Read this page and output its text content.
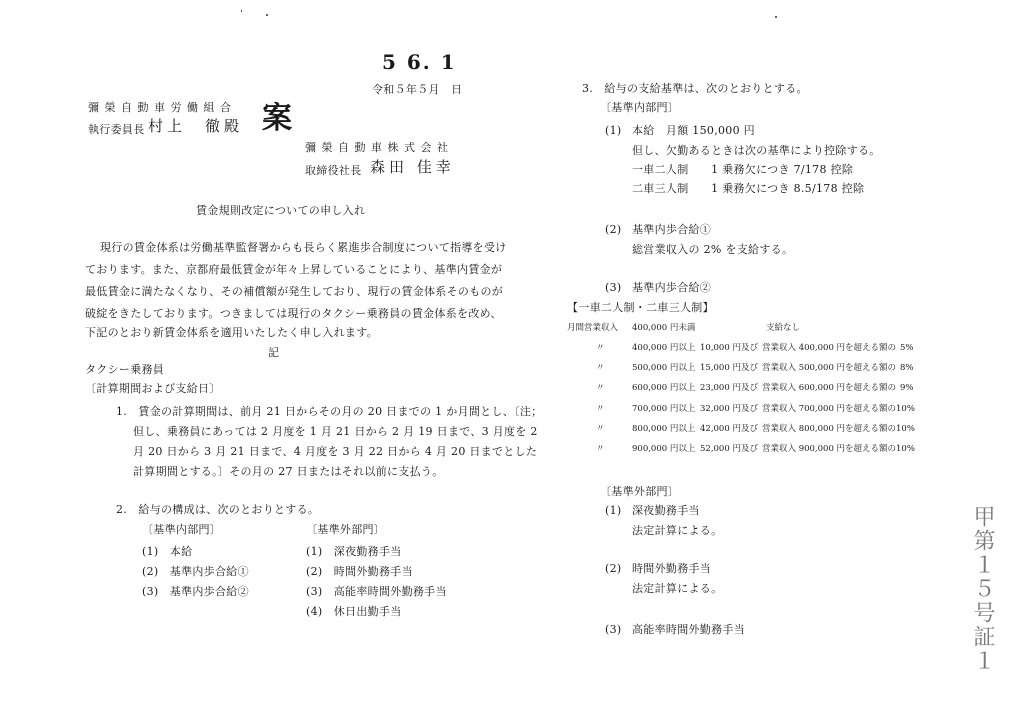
5 6. 1
令和５年５月　日
彌 榮 自 動 車 労 働 組 合
執行委員長 村上　徹殿 案
彌 榮 自 動 車 株 式 会 社
取締役社長 森田 佳幸
賃金規則改定についての申し入れ
現行の賃金体系は労働基準監督署からも長らく累進歩合制度について指導を受け
ております。また、京都府最低賃金が年々上昇していることにより、基準内賃金が
最低賃金に満たなくなり、その補償額が発生しており、現行の賃金体系そのものが
破綻をきたしております。つきましては現行のタクシー乗務員の賃金体系を改め、
下記のとおり新賃金体系を適用いたしたく申し入れます。
記
タクシー乗務員
〔計算期間および支給日〕
1.　賃金の計算期間は、前月 21 日からその月の 20 日までの 1 か月間とし、〔注；
但し、乗務員にあっては 2 月度を 1 月 21 日から 2 月 19 日まで、3 月度を 2
月 20 日から 3 月 21 日まで、4 月度を 3 月 22 日から 4 月 20 日までとした
計算期間とする。〕その月の 27 日またはそれ以前に支払う。
2.　給与の構成は、次のとおりとする。
〔基準内部門〕
(1)　本給
(2)　基準内歩合給①
(3)　基準内歩合給②
〔基準外部門〕
(1)　深夜勤務手当
(2)　時間外勤務手当
(3)　高能率時間外勤務手当
(4)　休日出勤手当
3.　給与の支給基準は、次のとおりとする。
〔基準内部門〕
(1) 本給　月額 150,000 円
但し、欠勤あるときは次の基準により控除する。
一車二人制　　1 乗務欠につき 7/178 控除
二車三人制　　1 乗務欠につき 8.5/178 控除
(2) 基準内歩合給①
総営業収入の 2% を支給する。
(3) 基準内歩合給②
【一車二人制・二車三人制】
月間営業収入 400,000 円未満	支給なし
〃	400,000 円以上 10,000 円及び 営業収入 400,000 円を超える額の 5%
〃	500,000 円以上 15,000 円及び 営業収入 500,000 円を超える額の 8%
〃	600,000 円以上 23,000 円及び 営業収入 600,000 円を超える額の 9%
〃	700,000 円以上 32,000 円及び 営業収入 700,000 円を超える額の 10%
〃	800,000 円以上 42,000 円及び 営業収入 800,000 円を超える額の 10%
〃	900,000 円以上 52,000 円及び 営業収入 900,000 円を超える額の 10%
〔基準外部門〕
(1) 深夜勤務手当
法定計算による。
(2) 時間外勤務手当
法定計算による。
(3) 高能率時間外勤務手当	甲第１５号証１
